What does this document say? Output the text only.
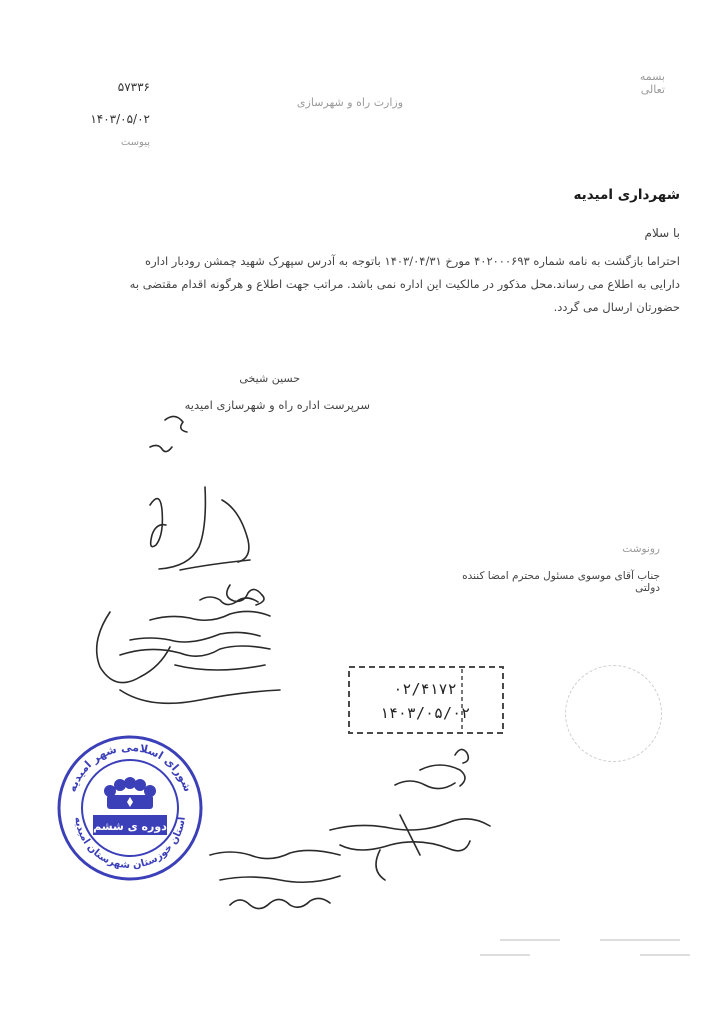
۵۷۳۳۶
۱۴۰۳/۰۵/۰۲
پیوست
وزارت راه و شهرسازی
بسمه تعالی
شهرداری امیدیه
با سلام
احتراما بازگشت به نامه شماره ۴۰۲۰۰۰۶۹۳ مورخ ۱۴۰۳/۰۴/۳۱ باتوجه به آدرس سپهرک شهید چمشن رودبار اداره
دارایی به اطلاع می رساند.محل مذکور در مالکیت این اداره نمی باشد. مراتب جهت اطلاع و هرگونه اقدام مقتضی به
حضورتان ارسال می گردد.
حسین شیخی
سرپرست اداره راه و شهرسازی امیدیه
رونوشت
جناب آقای موسوی مسئول محترم امضا کننده دولتی
۰۲/۴۱۷۲
۱۴۰۳/۰۵/۰۲
شورای اسلامی شهر امیدیه
استان خوزستان شهرستان امیدیه
دوره ی ششم
